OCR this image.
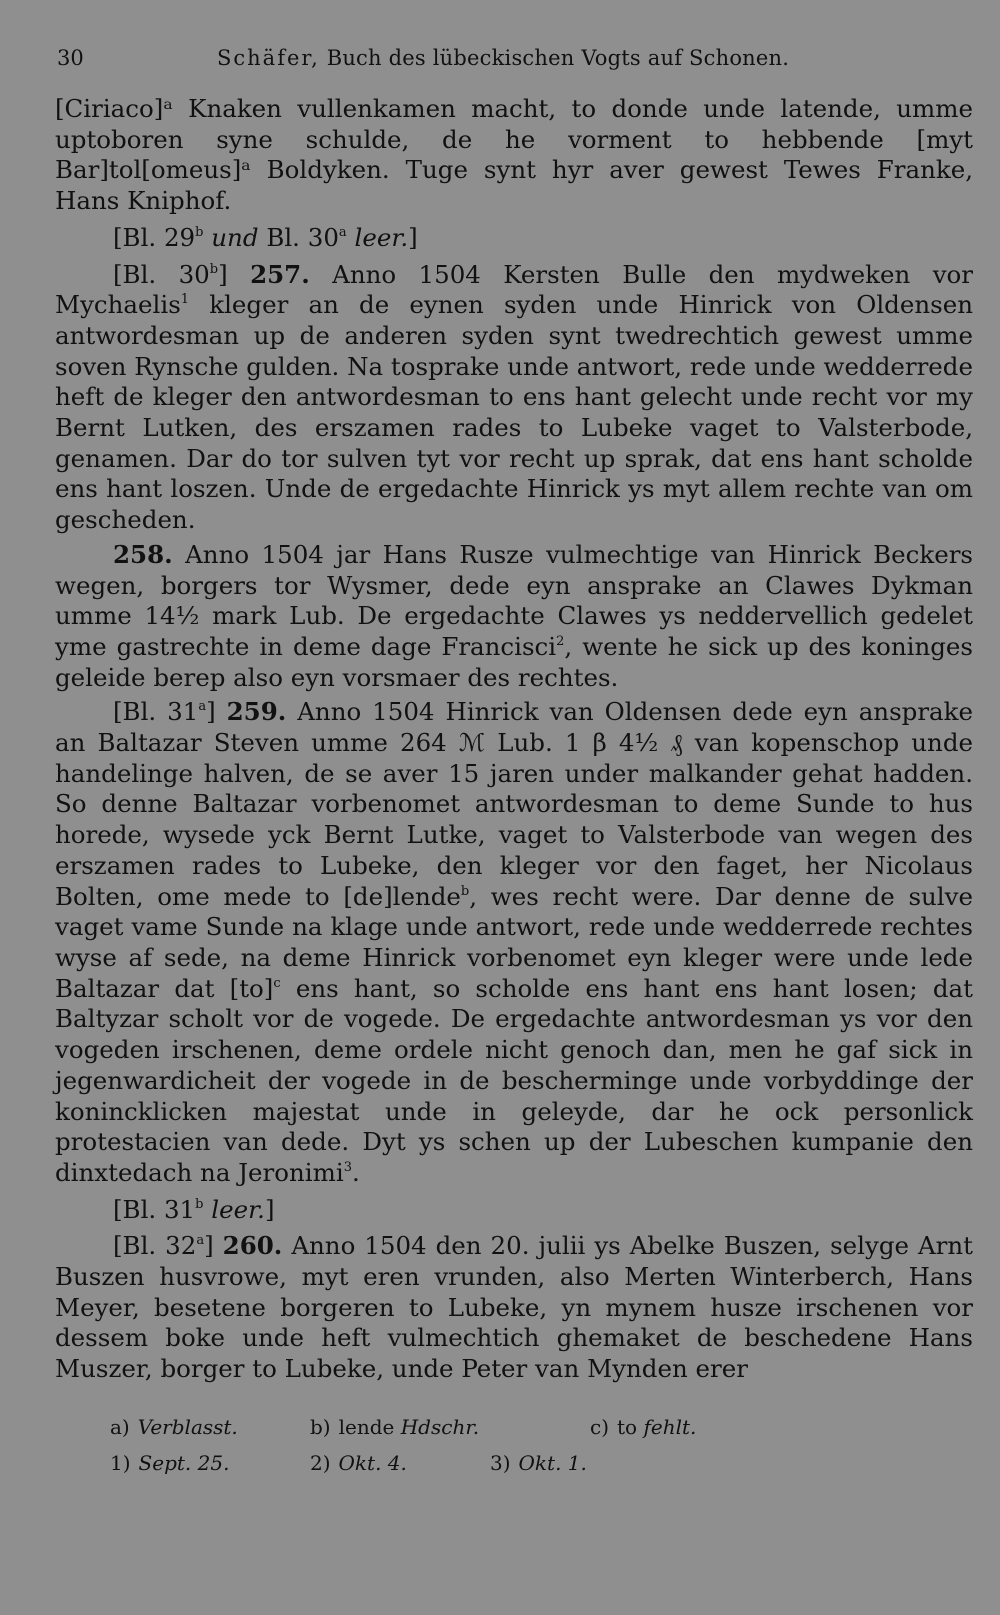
30	Schäfer, Buch des lübeckischen Vogts auf Schonen.

[Ciriaco]ᵃ Knaken vullenkamen macht, to donde unde latende, umme uptoboren syne schulde, de he vorment to hebbende [myt Bar]tol[omeus]ᵃ Boldyken. Tuge synt hyr aver gewest Tewes Franke, Hans Kniphof.

[Bl. 29$^b$ und Bl. 30$^a$ leer.]

[Bl. 30$^b$] 257. Anno 1504 Kersten Bulle den mydweken vor Mychaelis$^1$ kleger an de eynen syden unde Hinrick von Oldensen antwordesman up de anderen syden synt twedrechtich gewest umme soven Rynsche gulden. Na tosprake unde antwort, rede unde wedderrede heft de kleger den antwordesman to ens hant gelecht unde recht vor my Bernt Lutken, des erszamen rades to Lubeke vaget to Valsterbode, genamen. Dar do tor sulven tyt vor recht up sprak, dat ens hant scholde ens hant loszen. Unde de ergedachte Hinrick ys myt allem rechte van om gescheden.

258. Anno 1504 jar Hans Rusze vulmechtige van Hinrick Beckers wegen, borgers tor Wysmer, dede eyn ansprake an Clawes Dykman umme 14½ mark Lub. De ergedachte Clawes ys neddervellich gedelet yme gastrechte in deme dage Francisci$^2$, wente he sick up des koninges geleide berep also eyn vorsmaer des rechtes.

[Bl. 31$^a$] 259. Anno 1504 Hinrick van Oldensen dede eyn ansprake an Baltazar Steven umme 264 ℳ Lub. 1 β 4½ ₰ van kopenschop unde handelinge halven, de se aver 15 jaren under malkander gehat hadden. So denne Baltazar vorbenomet antwordesman to deme Sunde to hus horede, wysede yck Bernt Lutke, vaget to Valsterbode van wegen des erszamen rades to Lubeke, den kleger vor den faget, her Nicolaus Bolten, ome mede to [de]lende$^b$, wes recht were. Dar denne de sulve vaget vame Sunde na klage unde antwort, rede unde wedderrede rechtes wyse af sede, na deme Hinrick vorbenomet eyn kleger were unde lede Baltazar dat [to]$^c$ ens hant, so scholde ens hant ens hant losen; dat Baltyzar scholt vor de vogede. De ergedachte antwordesman ys vor den vogeden irschenen, deme ordele nicht genoch dan, men he gaf sick in jegenwardicheit der vogede in de bescherminge unde vorbyddinge der konincklicken majestat unde in geleyde, dar he ock personlick protestacien van dede. Dyt ys schen up der Lubeschen kumpanie den dinxtedach na Jeronimi$^3$.

[Bl. 31$^b$ leer.]

[Bl. 32$^a$] 260. Anno 1504 den 20. julii ys Abelke Buszen, selyge Arnt Buszen husvrowe, myt eren vrunden, also Merten Winterberch, Hans Meyer, besetene borgeren to Lubeke, yn mynem husze irschenen vor dessem boke unde heft vulmechtich ghemaket de beschedene Hans Muszer, borger to Lubeke, unde Peter van Mynden erer

a) Verblasst.	b) lende Hdschr.	c) to fehlt.
1) Sept. 25.	2) Okt. 4.	3) Okt. 1.
